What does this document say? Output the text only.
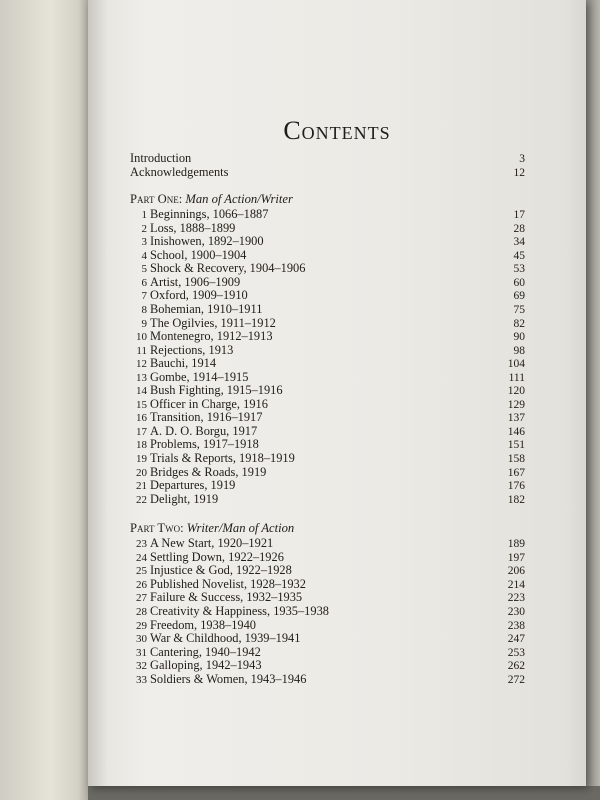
Contents
Introduction	3
Acknowledgements	12
Part One: Man of Action/Writer
1 Beginnings, 1066–1887	17
2 Loss, 1888–1899	28
3 Inishowen, 1892–1900	34
4 School, 1900–1904	45
5 Shock & Recovery, 1904–1906	53
6 Artist, 1906–1909	60
7 Oxford, 1909–1910	69
8 Bohemian, 1910–1911	75
9 The Ogilvies, 1911–1912	82
10 Montenegro, 1912–1913	90
11 Rejections, 1913	98
12 Bauchi, 1914	104
13 Gombe, 1914–1915	111
14 Bush Fighting, 1915–1916	120
15 Officer in Charge, 1916	129
16 Transition, 1916–1917	137
17 A. D. O. Borgu, 1917	146
18 Problems, 1917–1918	151
19 Trials & Reports, 1918–1919	158
20 Bridges & Roads, 1919	167
21 Departures, 1919	176
22 Delight, 1919	182
Part Two: Writer/Man of Action
23 A New Start, 1920–1921	189
24 Settling Down, 1922–1926	197
25 Injustice & God, 1922–1928	206
26 Published Novelist, 1928–1932	214
27 Failure & Success, 1932–1935	223
28 Creativity & Happiness, 1935–1938	230
29 Freedom, 1938–1940	238
30 War & Childhood, 1939–1941	247
31 Cantering, 1940–1942	253
32 Galloping, 1942–1943	262
33 Soldiers & Women, 1943–1946	272
